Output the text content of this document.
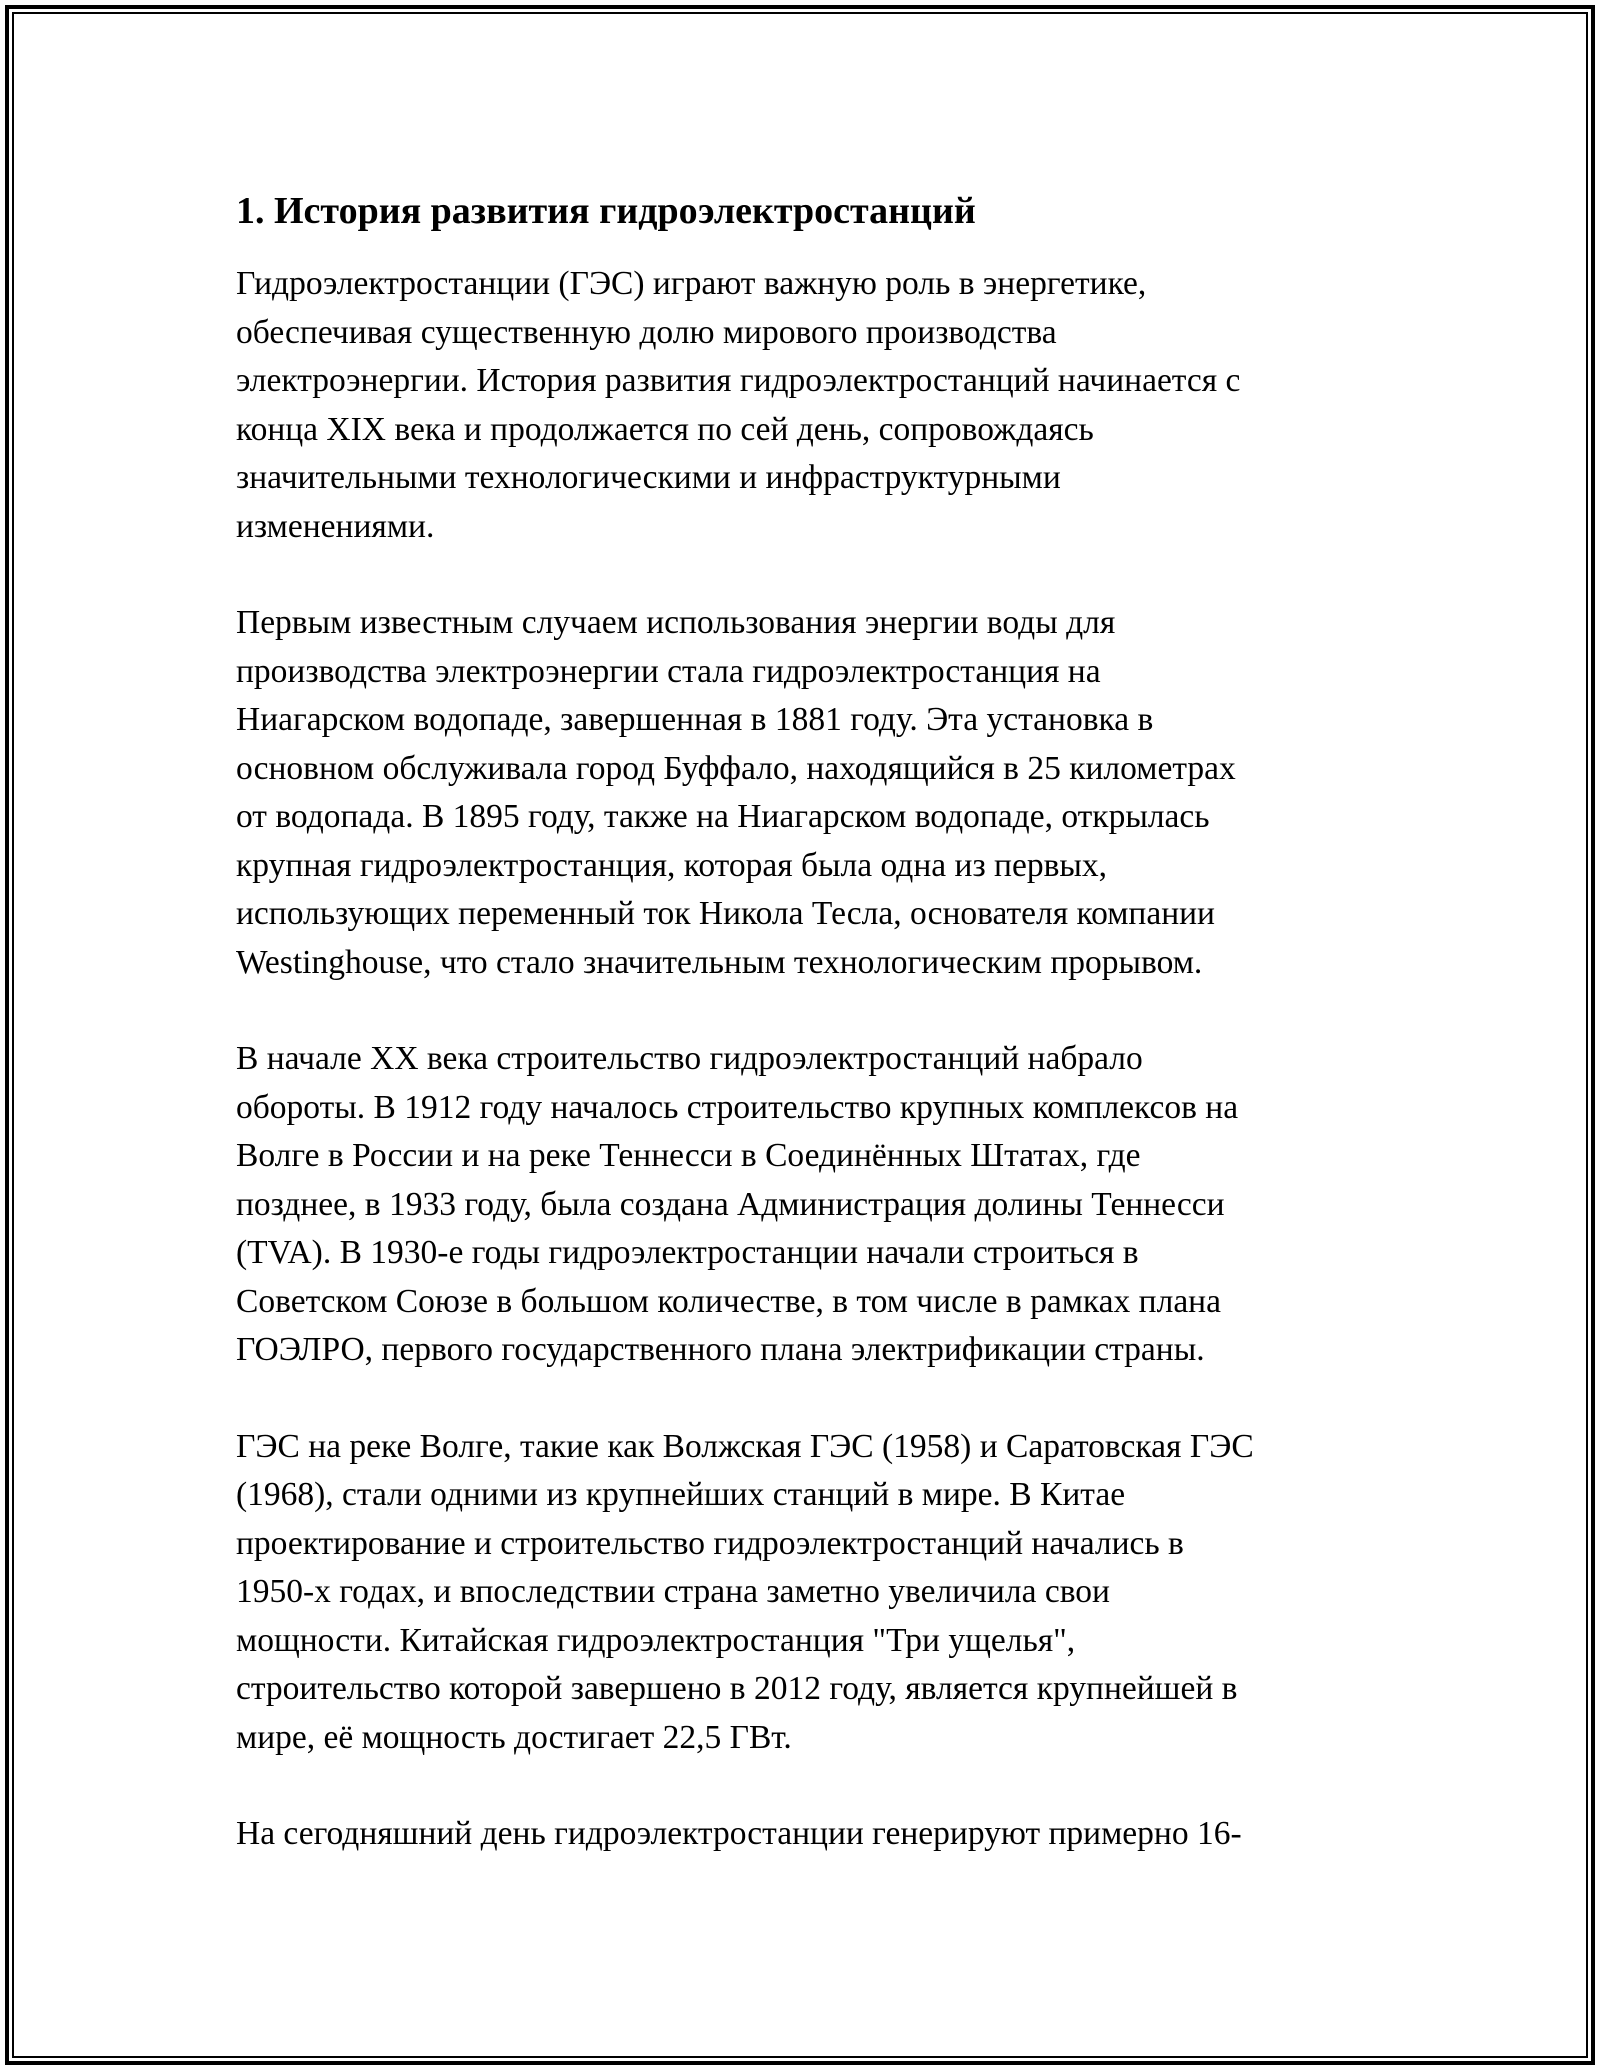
1. История развития гидроэлектростанций

Гидроэлектростанции (ГЭС) играют важную роль в энергетике,
обеспечивая существенную долю мирового производства
электроэнергии. История развития гидроэлектростанций начинается с
конца XIX века и продолжается по сей день, сопровождаясь
значительными технологическими и инфраструктурными
изменениями.

Первым известным случаем использования энергии воды для
производства электроэнергии стала гидроэлектростанция на
Ниагарском водопаде, завершенная в 1881 году. Эта установка в
основном обслуживала город Буффало, находящийся в 25 километрах
от водопада. В 1895 году, также на Ниагарском водопаде, открылась
крупная гидроэлектростанция, которая была одна из первых,
использующих переменный ток Никола Тесла, основателя компании
Westinghouse, что стало значительным технологическим прорывом.

В начале XX века строительство гидроэлектростанций набрало
обороты. В 1912 году началось строительство крупных комплексов на
Волге в России и на реке Теннесси в Соединённых Штатах, где
позднее, в 1933 году, была создана Администрация долины Теннесси
(TVA). В 1930-е годы гидроэлектростанции начали строиться в
Советском Союзе в большом количестве, в том числе в рамках плана
ГОЭЛРО, первого государственного плана электрификации страны.

ГЭС на реке Волге, такие как Волжская ГЭС (1958) и Саратовская ГЭС
(1968), стали одними из крупнейших станций в мире. В Китае
проектирование и строительство гидроэлектростанций начались в
1950-х годах, и впоследствии страна заметно увеличила свои
мощности. Китайская гидроэлектростанция "Три ущелья",
строительство которой завершено в 2012 году, является крупнейшей в
мире, её мощность достигает 22,5 ГВт.

На сегодняшний день гидроэлектростанции генерируют примерно 16-
